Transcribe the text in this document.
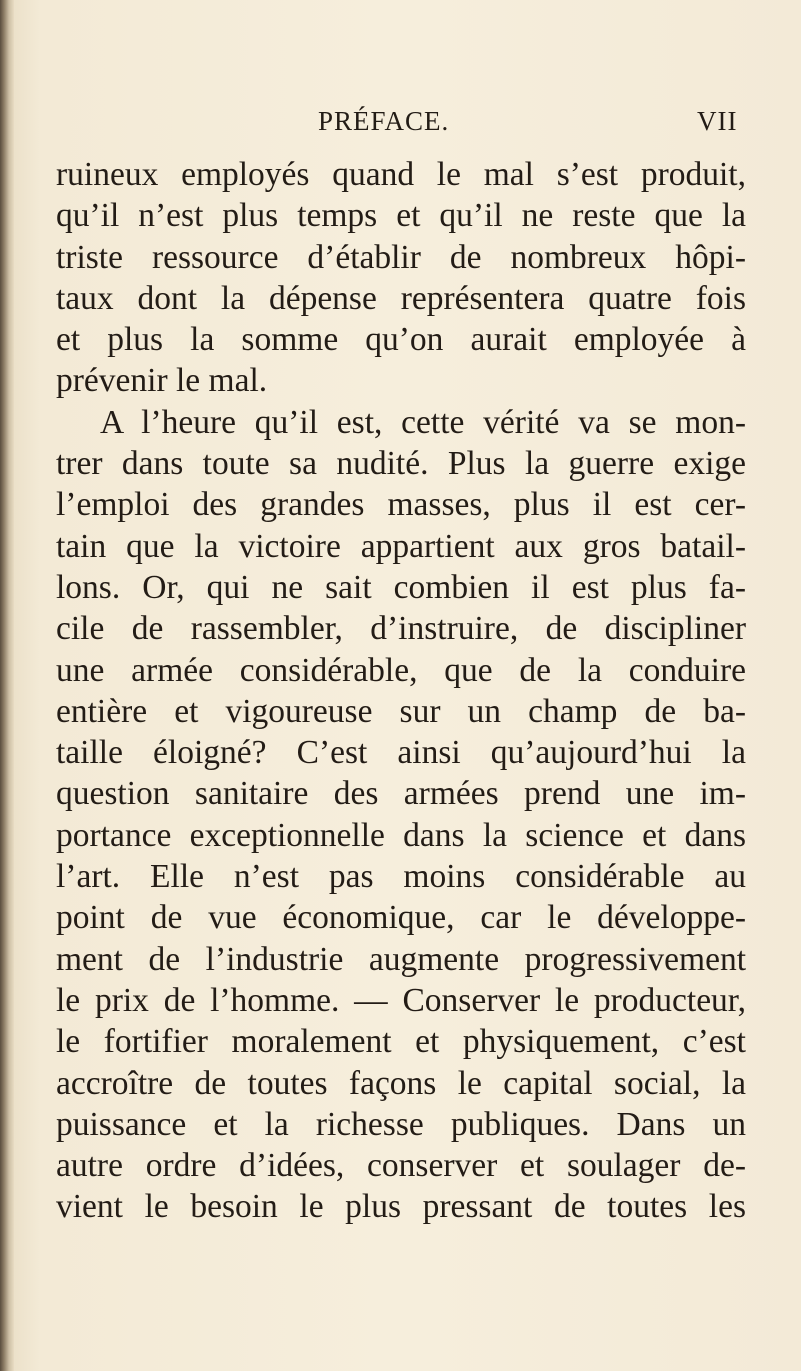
PRÉFACE.	VII
ruineux employés quand le mal s’est produit,
qu’il n’est plus temps et qu’il ne reste que la
triste ressource d’établir de nombreux hôpi-
taux dont la dépense représentera quatre fois
et plus la somme qu’on aurait employée à
prévenir le mal.
A l’heure qu’il est, cette vérité va se mon-
trer dans toute sa nudité. Plus la guerre exige
l’emploi des grandes masses, plus il est cer-
tain que la victoire appartient aux gros batail-
lons. Or, qui ne sait combien il est plus fa-
cile de rassembler, d’instruire, de discipliner
une armée considérable, que de la conduire
entière et vigoureuse sur un champ de ba-
taille éloigné? C’est ainsi qu’aujourd’hui la
question sanitaire des armées prend une im-
portance exceptionnelle dans la science et dans
l’art. Elle n’est pas moins considérable au
point de vue économique, car le développe-
ment de l’industrie augmente progressivement
le prix de l’homme. — Conserver le producteur,
le fortifier moralement et physiquement, c’est
accroître de toutes façons le capital social, la
puissance et la richesse publiques. Dans un
autre ordre d’idées, conserver et soulager de-
vient le besoin le plus pressant de toutes les
